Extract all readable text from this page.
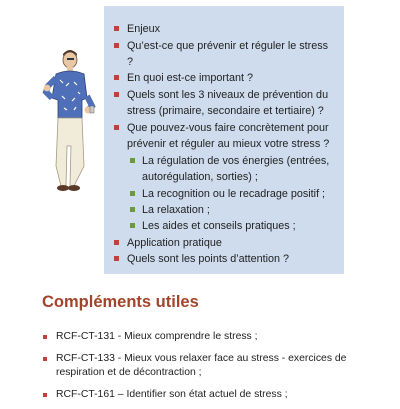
Enjeux
Qu’est-ce que prévenir et réguler le stress ?
En quoi est-ce important ?
Quels sont les 3 niveaux de prévention du stress (primaire, secondaire et tertiaire) ?
Que pouvez-vous faire concrètement pour prévenir et réguler au mieux votre stress ?
La régulation de vos énergies (entrées, autorégulation, sorties) ;
La recognition ou le recadrage positif ;
La relaxation ;
Les aides et conseils pratiques ;
Application pratique
Quels sont les points d’attention ?
Compléments utiles
RCF-CT-131 - Mieux comprendre le stress ;
RCF-CT-133 - Mieux vous relaxer face au stress - exercices de respiration et de décontraction ;
RCF-CT-161 – Identifier son état actuel de stress ;
